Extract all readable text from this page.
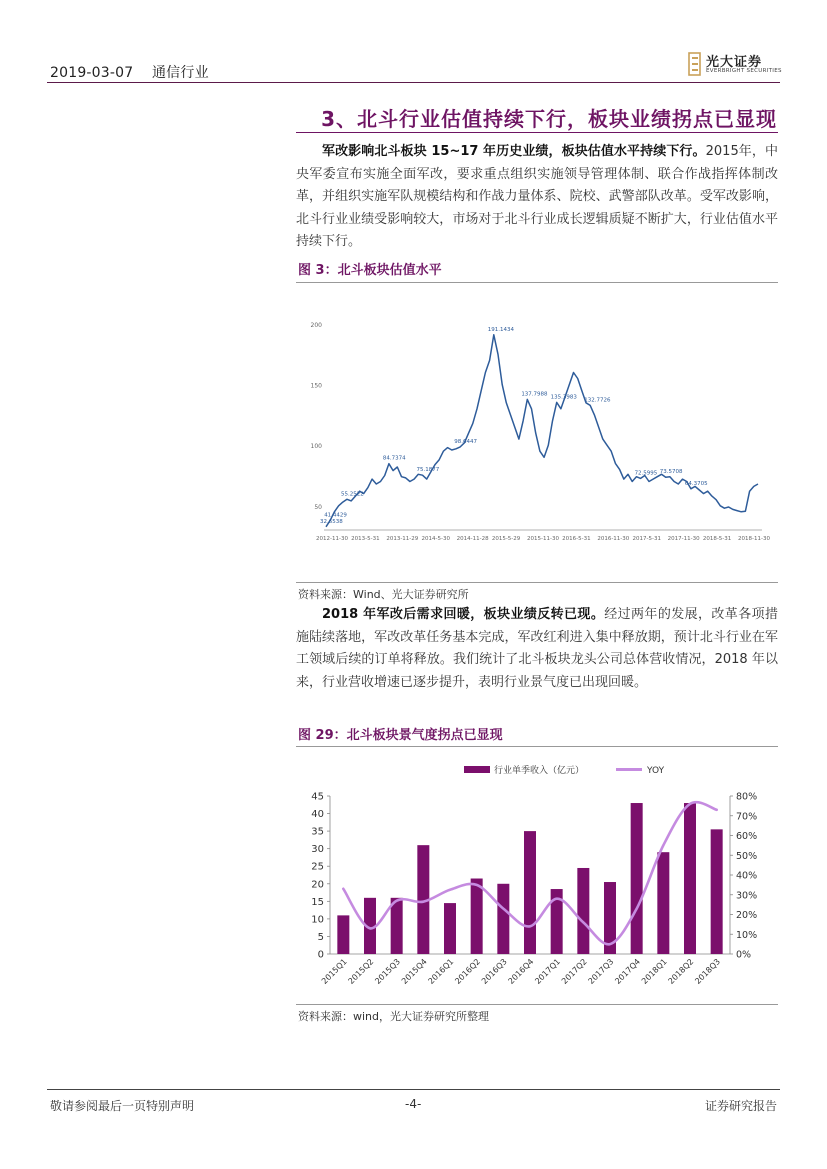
2019-03-07 通信行业
光大证券
EVERBRIGHT SECURITIES
3、北斗行业估值持续下行，板块业绩拐点已显现
军改影响北斗板块 15~17 年历史业绩，板块估值水平持续下行。2015年，中央军委宣布实施全面军改，要求重点组织实施领导管理体制、联合作战指挥体制改革，并组织实施军队规模结构和作战力量体系、院校、武警部队改革。受军改影响，北斗行业业绩受影响较大，市场对于北斗行业成长逻辑质疑不断扩大，行业估值水平持续下行。
图 3：北斗板块估值水平
200
150
100
50
2012-11-30 2013-5-31 2013-11-29 2014-5-30 2014-11-28 2015-5-29 2015-11-30 2016-5-31 2016-11-30 2017-5-31 2017-11-30 2018-5-31 2018-11-30
32.6538
55.2522
84.7374
75.1877
98.6447
191.1434
137.7988
135.3983
132.7726
72.5995 73.5708
64.3705
41.4429
资料来源：Wind、光大证券研究所
2018 年军改后需求回暖，板块业绩反转已现。经过两年的发展，改革各项措施陆续落地，军改改革任务基本完成，军改红利进入集中释放期，预计北斗行业在军工领域后续的订单将释放。我们统计了北斗板块龙头公司总体营收情况，2018 年以来，行业营收增速已逐步提升，表明行业景气度已出现回暖。
图 29：北斗板块景气度拐点已显现
行业单季收入（亿元）	YOY
0
5
10
15
20
25
30
35
40
45
0%
10%
20%
30%
40%
50%
60%
70%
80%
2015Q1
2015Q2
2015Q3
2015Q4
2016Q1
2016Q2
2016Q3
2016Q4
2017Q1
2017Q2
2017Q3
2017Q4
2018Q1
2018Q2
2018Q3
资料来源：wind，光大证券研究所整理
敬请参阅最后一页特别声明	-4-	证券研究报告
